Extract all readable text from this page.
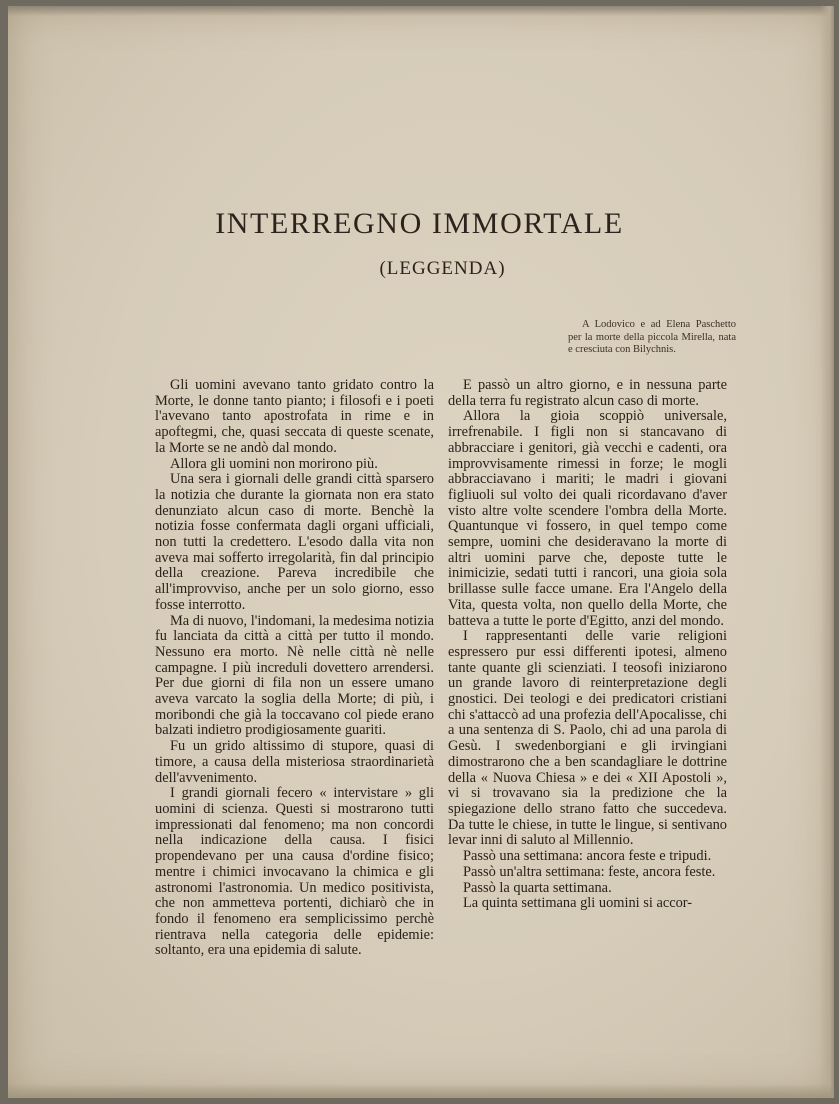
INTERREGNO IMMORTALE
(LEGGENDA)
A Lodovico e ad Elena Paschetto per la morte della piccola Mirella, nata e cresciuta con Bilychnis.

Gli uomini avevano tanto gridato contro la Morte, le donne tanto pianto; i filosofi e i poeti l'avevano tanto apostrofata in rime e in apoftegmi, che, quasi seccata di queste scenate, la Morte se ne andò dal mondo.

Allora gli uomini non morirono più.

Una sera i giornali delle grandi città sparsero la notizia che durante la giornata non era stato denunziato alcun caso di morte. Benchè la notizia fosse confermata dagli organi ufficiali, non tutti la credettero. L'esodo dalla vita non aveva mai sofferto irregolarità, fin dal principio della creazione. Pareva incredibile che all'improvviso, anche per un solo giorno, esso fosse interrotto.

Ma di nuovo, l'indomani, la medesima notizia fu lanciata da città a città per tutto il mondo. Nessuno era morto. Nè nelle città nè nelle campagne. I più increduli dovettero arrendersi. Per due giorni di fila non un essere umano aveva varcato la soglia della Morte; di più, i moribondi che già la toccavano col piede erano balzati indietro prodigiosamente guariti.

Fu un grido altissimo di stupore, quasi di timore, a causa della misteriosa straordinarietà dell'avvenimento.

I grandi giornali fecero « intervistare » gli uomini di scienza. Questi si mostrarono tutti impressionati dal fenomeno; ma non concordi nella indicazione della causa. I fisici propendevano per una causa d'ordine fisico; mentre i chimici invocavano la chimica e gli astronomi l'astronomia. Un medico positivista, che non ammetteva portenti, dichiarò che in fondo il fenomeno era semplicissimo perchè rientrava nella categoria delle epidemie: soltanto, era una epidemia di salute.

E passò un altro giorno, e in nessuna parte della terra fu registrato alcun caso di morte.

Allora la gioia scoppiò universale, irrefrenabile. I figli non si stancavano di abbracciare i genitori, già vecchi e cadenti, ora improvvisamente rimessi in forze; le mogli abbracciavano i mariti; le madri i giovani figliuoli sul volto dei quali ricordavano d'aver visto altre volte scendere l'ombra della Morte. Quantunque vi fossero, in quel tempo come sempre, uomini che desideravano la morte di altri uomini parve che, deposte tutte le inimicizie, sedati tutti i rancori, una gioia sola brillasse sulle facce umane. Era l'Angelo della Vita, questa volta, non quello della Morte, che batteva a tutte le porte d'Egitto, anzi del mondo.

I rappresentanti delle varie religioni espressero pur essi differenti ipotesi, almeno tante quante gli scienziati. I teosofi iniziarono un grande lavoro di reinterpretazione degli gnostici. Dei teologi e dei predicatori cristiani chi s'attaccò ad una profezia dell'Apocalisse, chi a una sentenza di S. Paolo, chi ad una parola di Gesù. I swedenborgiani e gli irvingiani dimostrarono che a ben scandagliare le dottrine della « Nuova Chiesa » e dei « XII Apostoli », vi si trovavano sia la predizione che la spiegazione dello strano fatto che succedeva. Da tutte le chiese, in tutte le lingue, si sentivano levar inni di saluto al Millennio.

Passò una settimana: ancora feste e tripudi.

Passò un'altra settimana: feste, ancora feste.

Passò la quarta settimana.

La quinta settimana gli uomini si accor-
